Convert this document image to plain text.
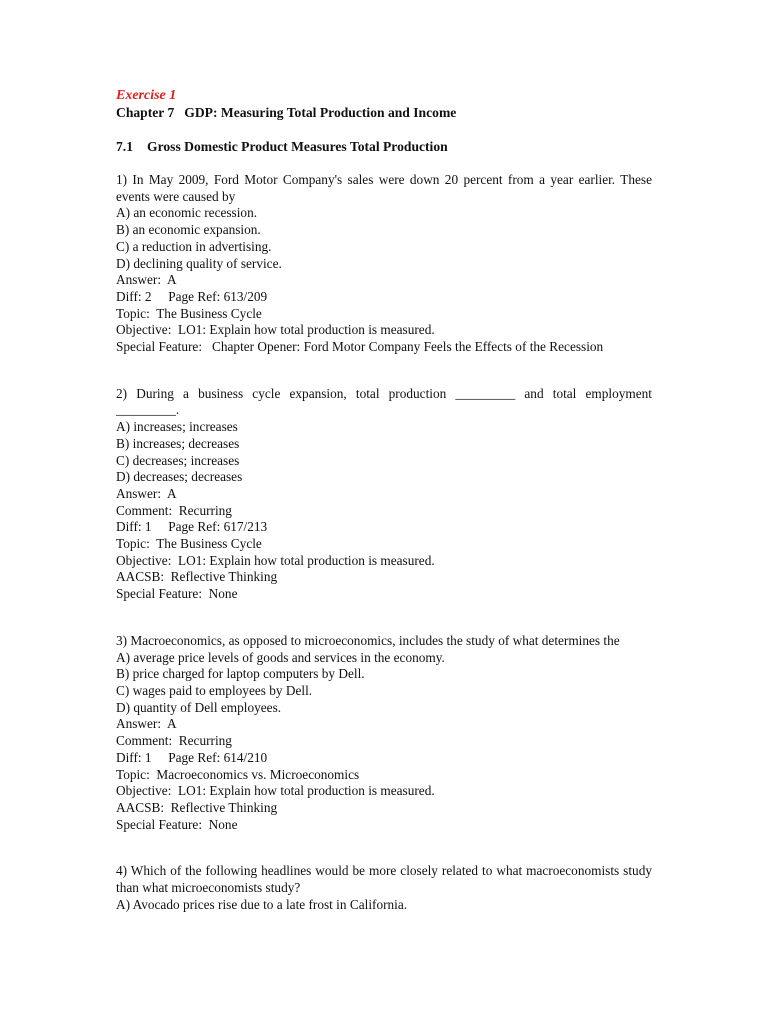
Exercise 1
Chapter 7 GDP: Measuring Total Production and Income
7.1 Gross Domestic Product Measures Total Production
1) In May 2009, Ford Motor Company's sales were down 20 percent from a year earlier. These events were caused by
A) an economic recession.
B) an economic expansion.
C) a reduction in advertising.
D) declining quality of service.
Answer:  A
Diff: 2     Page Ref: 613/209
Topic:  The Business Cycle
Objective:  LO1: Explain how total production is measured.
Special Feature:   Chapter Opener: Ford Motor Company Feels the Effects of the Recession
2) During a business cycle expansion, total production _________ and total employment _________.
A) increases; increases
B) increases; decreases
C) decreases; increases
D) decreases; decreases
Answer:  A
Comment:  Recurring
Diff: 1     Page Ref: 617/213
Topic:  The Business Cycle
Objective:  LO1: Explain how total production is measured.
AACSB:  Reflective Thinking
Special Feature:  None
3) Macroeconomics, as opposed to microeconomics, includes the study of what determines the
A) average price levels of goods and services in the economy.
B) price charged for laptop computers by Dell.
C) wages paid to employees by Dell.
D) quantity of Dell employees.
Answer:  A
Comment:  Recurring
Diff: 1     Page Ref: 614/210
Topic:  Macroeconomics vs. Microeconomics
Objective:  LO1: Explain how total production is measured.
AACSB:  Reflective Thinking
Special Feature:  None
4) Which of the following headlines would be more closely related to what macroeconomists study than what microeconomists study?
A) Avocado prices rise due to a late frost in California.
